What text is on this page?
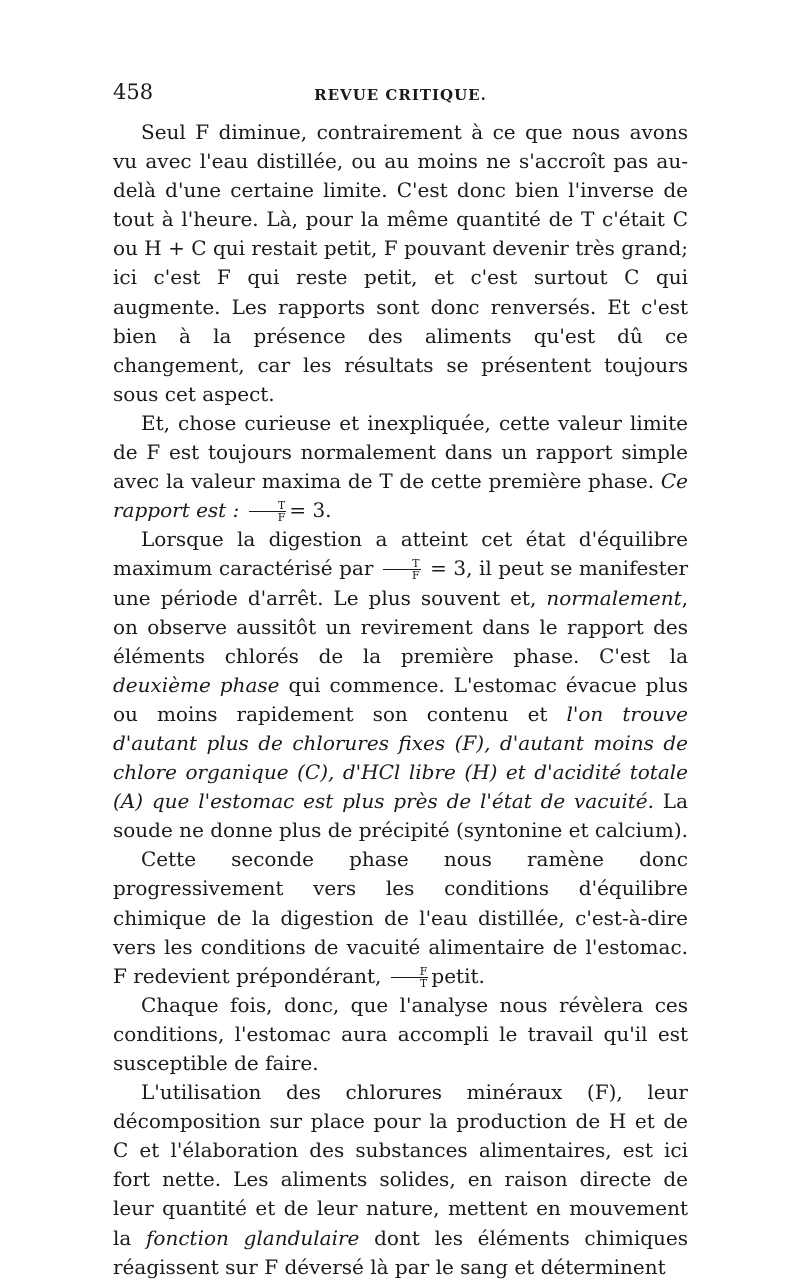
458	REVUE CRITIQUE.

Seul F diminue, contrairement à ce que nous avons vu avec l'eau distillée, ou au moins ne s'accroît pas au-delà d'une certaine limite. C'est donc bien l'inverse de tout à l'heure. Là, pour la même quantité de T c'était C ou H + C qui restait petit, F pouvant devenir très grand; ici c'est F qui reste petit, et c'est surtout C qui augmente. Les rapports sont donc renversés. Et c'est bien à la présence des aliments qu'est dû ce changement, car les résultats se présentent toujours sous cet aspect.

Et, chose curieuse et inexpliquée, cette valeur limite de F est toujours normalement dans un rapport simple avec la valeur maxima de T de cette première phase. Ce rapport est : $\frac{T}{F} = 3$.

Lorsque la digestion a atteint cet état d'équilibre maximum caractérisé par $\frac{T}{F} = 3$, il peut se manifester une période d'arrêt. Le plus souvent et, normalement, on observe aussitôt un revirement dans le rapport des éléments chlorés de la première phase. C'est la deuxième phase qui commence. L'estomac évacue plus ou moins rapidement son contenu et l'on trouve d'autant plus de chlorures fixes (F), d'autant moins de chlore organique (C), d'HCl libre (H) et d'acidité totale (A) que l'estomac est plus près de l'état de vacuité. La soude ne donne plus de précipité (syntonine et calcium).

Cette seconde phase nous ramène donc progressivement vers les conditions d'équilibre chimique de la digestion de l'eau distillée, c'est-à-dire vers les conditions de vacuité alimentaire de l'estomac. F redevient prépondérant, $\frac{F}{T}$ petit.

Chaque fois, donc, que l'analyse nous révèlera ces conditions, l'estomac aura accompli le travail qu'il est susceptible de faire.

L'utilisation des chlorures minéraux (F), leur décomposition sur place pour la production de H et de C et l'élaboration des substances alimentaires, est ici fort nette. Les aliments solides, en raison directe de leur quantité et de leur nature, mettent en mouvement la fonction glandulaire dont les éléments chimiques réagissent sur F déversé là par le sang et déterminent
